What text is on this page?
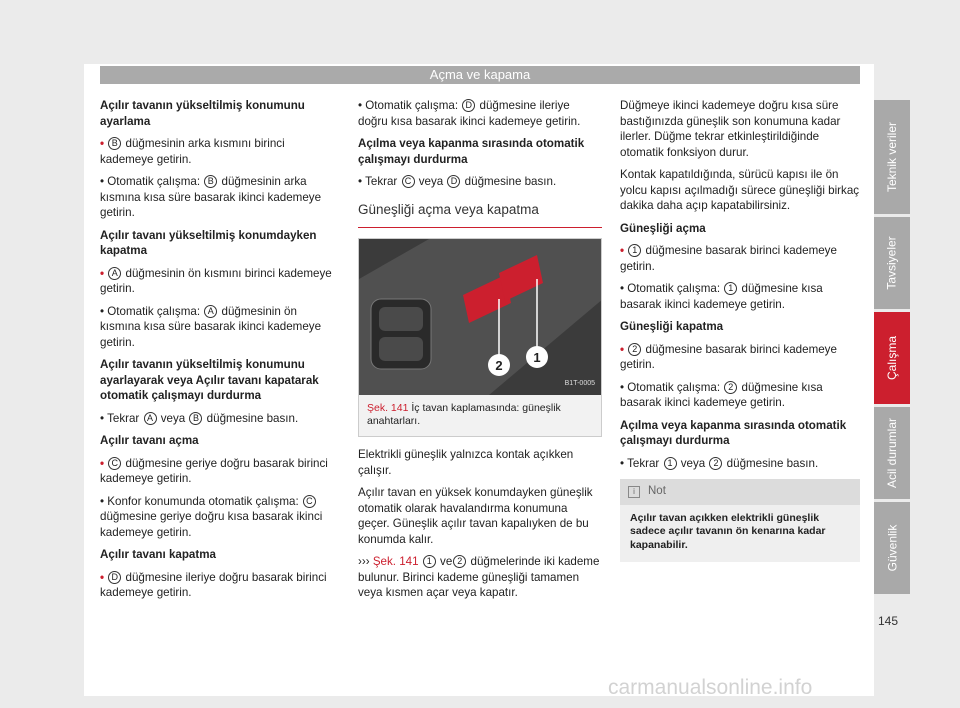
Açma ve kapama

Açılır tavanın yükseltilmiş konumunu ayarlama

• B düğmesinin arka kısmını birinci kademeye getirin.

• Otomatik çalışma: B düğmesinin arka kısmına kısa süre basarak ikinci kademeye getirin.

Açılır tavanı yükseltilmiş konumdayken kapatma

• A düğmesinin ön kısmını birinci kademeye getirin.

• Otomatik çalışma: A düğmesinin ön kısmına kısa süre basarak ikinci kademeye getirin.

Açılır tavanın yükseltilmiş konumunu ayarlayarak veya Açılır tavanı kapatarak otomatik çalışmayı durdurma

• Tekrar A veya B düğmesine basın.

Açılır tavanı açma

• C düğmesine geriye doğru basarak birinci kademeye getirin.

• Konfor konumunda otomatik çalışma: C düğmesine geriye doğru kısa basarak ikinci kademeye getirin.

Açılır tavanı kapatma

• D düğmesine ileriye doğru basarak birinci kademeye getirin.

• Otomatik çalışma: D düğmesine ileriye doğru kısa basarak ikinci kademeye getirin.

Açılma veya kapanma sırasında otomatik çalışmayı durdurma

• Tekrar C veya D düğmesine basın.

Güneşliği açma veya kapatma
2
1
B1T-0005
Şek. 141 İç tavan kaplamasında: güneşlik anahtarları.

Elektrikli güneşlik yalnızca kontak açıkken çalışır.

Açılır tavan en yüksek konumdayken güneşlik otomatik olarak havalandırma konumuna geçer. Güneşlik açılır tavan kapalıyken de bu konumda kalır.

››› Şek. 141 1 ve 2 düğmelerinde iki kademe bulunur. Birinci kademe güneşliği tamamen veya kısmen açar veya kapatır.

Düğmeye ikinci kademeye doğru kısa süre bastığınızda güneşlik son konumuna kadar ilerler. Düğme tekrar etkinleştirildiğinde otomatik fonksiyon durur.

Kontak kapatıldığında, sürücü kapısı ile ön yolcu kapısı açılmadığı sürece güneşliği birkaç dakika daha açıp kapatabilirsiniz.

Güneşliği açma

• 1 düğmesine basarak birinci kademeye getirin.

• Otomatik çalışma: 1 düğmesine kısa basarak ikinci kademeye getirin.

Güneşliği kapatma

• 2 düğmesine basarak birinci kademeye getirin.

• Otomatik çalışma: 2 düğmesine kısa basarak ikinci kademeye getirin.

Açılma veya kapanma sırasında otomatik çalışmayı durdurma

• Tekrar 1 veya 2 düğmesine basın.

i Not
Açılır tavan açıkken elektrikli güneşlik sadece açılır tavanın ön kenarına kadar kapanabilir.
Teknik veriler
Tavsiyeler
Çalışma
Acil durumlar
Güvenlik
145
carmanualsonline.info
